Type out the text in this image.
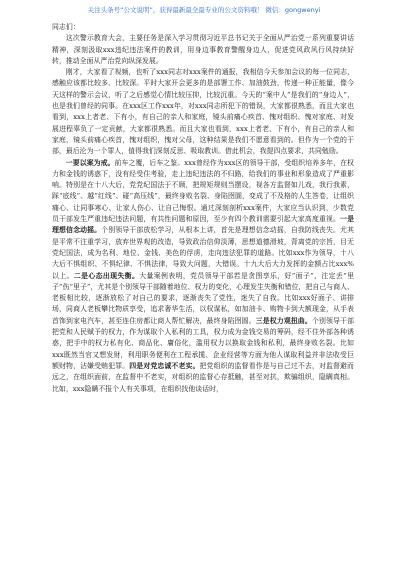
关注头条号“公文说明”，获得最新最全最专业的公文资料哦！ 微信：gongwenyi

同志们：

这次警示教育大会，主要任务是深入学习贯彻习近平总书记关于全面从严治党一系列重要讲话精神，深刻汲取xxx违纪违法案件的教训，用身边事教育警醒身边人，促进党风政风行风持续好转，推动全面从严治党向纵深发展。

刚才，大家看了视频，也听了xxx同志对xxx案件的通报，我相信今天参加会议的每一位同志，感触应该都比较多、比较深。平时大家开会更多的是部署工作、加油鼓劲，传递一种正能量，像今天这样的警示会议，听了之后感觉心情比较压抑，比较沉重。今天的“案中人”是我们的“身边人”，也是我们曾经的同事。在xxx区工作xxx年，对xxx同志所犯下的错误，大家都很熟悉，而且大家也看到，xxx上者老、下有小，有自己的亲人和家庭，镜头前痛心疾首、愧对组织、愧对家庭、对发展进程辜负了一定贡献，大家都很熟悉。而且大家也看到，xxx上者老、下有小，有自己的亲人和家庭，镜头前痛心疾首，愧对组织，愧对父母，这种结果是我们不愿意看到的。但作为一个党的干部，最后沦为一个罪人，值得我们深刻反思、吸取教训。借此机会，我提四点要求，共同勉励。

一要以案为戒。前车之覆，后车之鉴。xxx曾经作为xxx区的领导干部，受组织培养多年，在权力和金钱的诱惑下，没有经受住考验，走上违纪违法的不归路，给我们的事业和形象造成了严重影响。特别是在十八大后，党党纪国法于不顾，把规矩规则当摆设，视各方监督如儿戏，我行我素，踩“底线”、越“红线”、碰“高压线”，最终身败名裂、身陷囹圄，变成了不及格的人生答卷，让组织痛心、让同事寒心、让家人伤心、让自己悔恨。通过深刻剖析xxx案件，大家应当认识到，少数党员干部发生严重违纪违法问题，有共性问题和原因，至少有四个教训需要引起大家高度重视。一是理想信念动摇。个别领导干部放松学习，从根本上讲，首先是理想信念动摇，自我防线丧失。尤其是平常不注重学习，放弃世界观的改造，导致政治信仰淡薄，思想道德滑坡，背离党的宗旨，目无党纪国法，成为名利、地位、金钱、美色的俘虏，走向违法犯罪的道路。比如xxx作为领导，十八大后不惧组织、不惧纪律、不惧法律，导致大问题，大错误。十九大后大力发挥的金额占比xxx%以上。二是心态出现失衡。大量案例表明，党员领导干部若是贪图享乐，好“面子”，注定丢“里子”伤“里子”，尤其是个别领导干部随着地位、权力的变化，心理发生失衡和错位，把自己与商人、老板相比较，逐渐放松了对自己的要求，逐渐丧失了党性，迷失了自我。比如xxx好面子、讲排场，同商人老板攀比物质享受，追求奢华生活，以权谋私，如加油卡、购物卡到大额现金，从手表首饰到家电汽车，甚至连住房都让商人帮忙解决，最终身陷囹圄。三是权力观扭曲。个别领导干部把党和人民赋予的权力，作为谋取个人私利的工具，权力成为金钱交易的筹码，经不住外部各种诱惑，把手中的权力私有化、商品化、庸俗化，滥用权力以换取金钱和私利，最终身败名裂。比如xxx既然当官又想发财，利用职务便利在工程承揽、企业经营等方面为他人谋取利益并非法收受巨额财物，沾嫌受贿犯罪。四是对党忠诚不老实。把党组织的监督看作是与自己过不去，对监督避而远之，在组织面前，在监督中不老实，对组织的监督心存抵触，甚至对抗，欺骗组织，隐瞒真相。比如，xxx隐瞒不报个人有关事项，在组织找他谈话时，
